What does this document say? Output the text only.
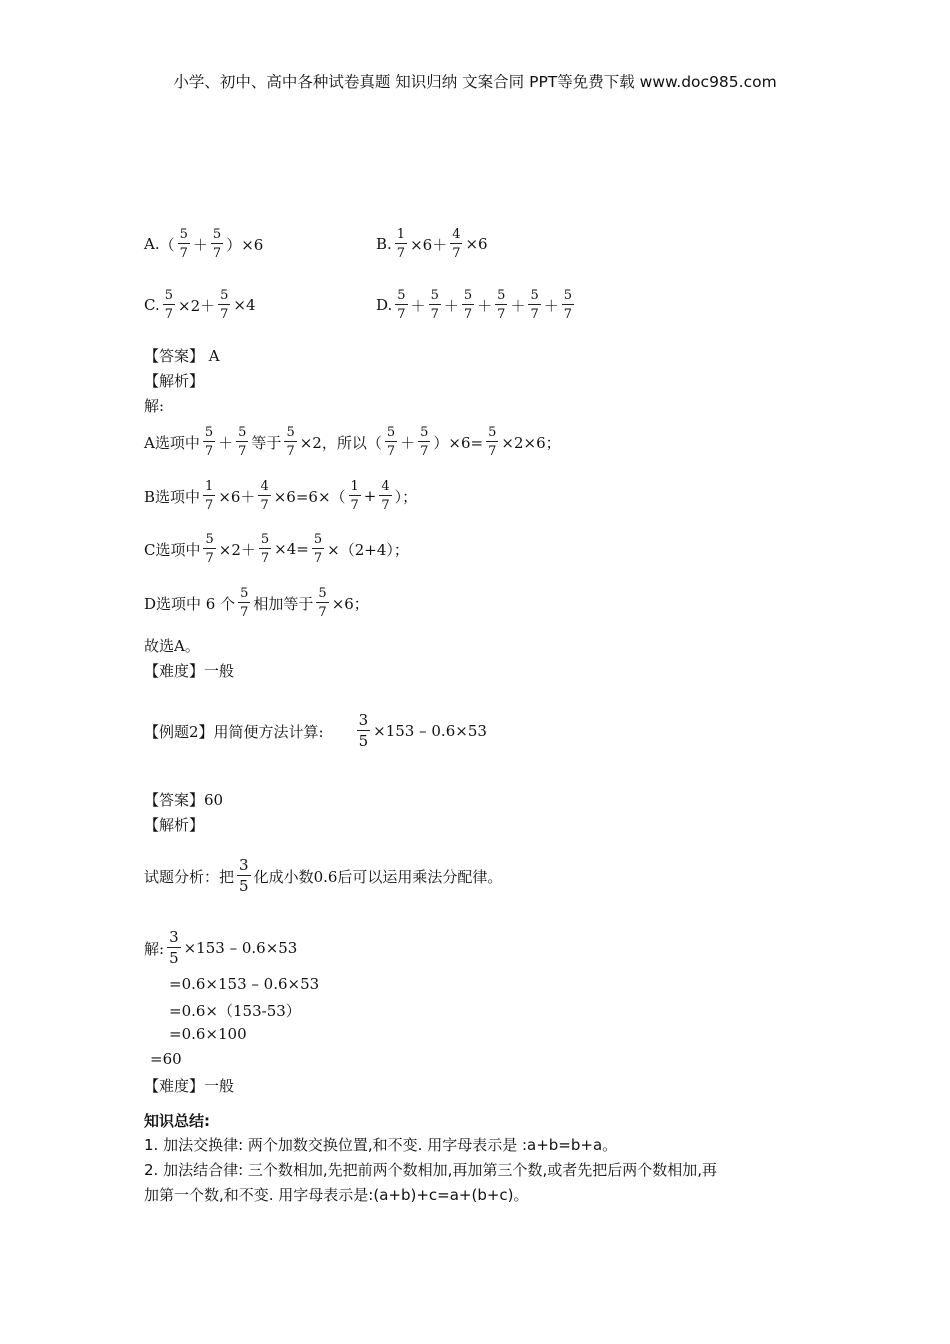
小学、初中、高中各种试卷真题 知识归纳 文案合同 PPT等免费下载 www.doc985.com
A. （ $\frac{5}{7} + \frac{5}{7} )\times 6$	B. $\frac{1}{7} \times 6+ \frac{4}{7} \times 6$
C. $\frac{5}{7} \times 2+ \frac{5}{7} \times 4$	D. $\frac{5}{7} + \frac{5}{7} + \frac{5}{7} + \frac{5}{7} + \frac{5}{7} + \frac{5}{7}$
【答案】 A
【解析】
解:
A选项中 $\frac{5}{7} + \frac{5}{7}$ 等于 $\frac{5}{7} \times 2$，所以（ $\frac{5}{7} + \frac{5}{7} )\times 6= \frac{5}{7} \times 2\times 6$；
B选项中 $\frac{1}{7} \times 6+ \frac{4}{7} \times 6=6\times( \frac{1}{7} + \frac{4}{7}$ ）；
C选项中 $\frac{5}{7} \times 2+ \frac{5}{7} \times 4= \frac{5}{7} \times(2+4)$；
D选项中 6 个 $\frac{5}{7}$ 相加等于 $\frac{5}{7} \times 6$；
故选A。
【难度】一般
【例题2】用简便方法计算: $\frac{3}{5} \times 153 - 0.6\times 53$
【答案】60
【解析】
试题分析：把 $\frac{3}{5}$ 化成小数0.6后可以运用乘法分配律。
解: $\frac{3}{5} \times 153 - 0.6\times 53$
=0.6×153 – 0.6×53
=0.6×（153-53）
=0.6×100
=60
【难度】一般
知识总结:
1. 加法交换律: 两个加数交换位置,和不变. 用字母表示是 :a+b=b+a。
2. 加法结合律: 三个数相加,先把前两个数相加,再加第三个数,或者先把后两个数相加,再
加第一个数,和不变. 用字母表示是:(a+b)+c=a+(b+c)。
